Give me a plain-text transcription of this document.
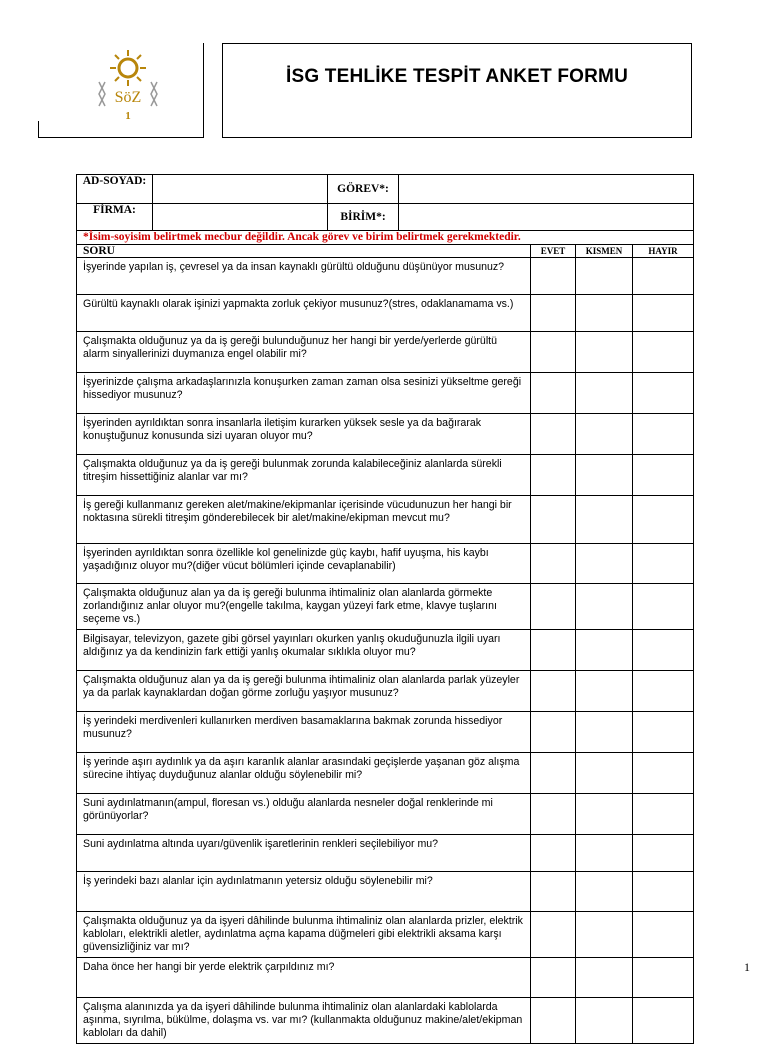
SöZ
1
İSG TEHLİKE TESPİT ANKET FORMU
AD-SOYAD:		GÖREV*:				
FİRMA:		BİRİM*:				
*İsim-soyisim belirtmek mecbur değildir. Ancak görev ve birim belirtmek gerekmektedir.						
SORU				EVET	KISMEN	HAYIR
İşyerinde yapılan iş, çevresel ya da insan kaynaklı gürültü olduğunu düşünüyor musunuz?						
Gürültü kaynaklı olarak işinizi yapmakta zorluk çekiyor musunuz?(stres, odaklanamama vs.)						
Çalışmakta olduğunuz ya da iş gereği bulunduğunuz her hangi bir yerde/yerlerde gürültü alarm sinyallerinizi duymanıza engel olabilir mi?						
İşyerinizde çalışma arkadaşlarınızla konuşurken zaman zaman olsa sesinizi yükseltme gereği hissediyor musunuz?						
İşyerinden ayrıldıktan sonra insanlarla iletişim kurarken yüksek sesle ya da bağırarak konuştuğunuz konusunda sizi uyaran oluyor mu?						
Çalışmakta olduğunuz ya da iş gereği bulunmak zorunda kalabileceğiniz alanlarda sürekli titreşim hissettiğiniz alanlar var mı?						
İş gereği kullanmanız gereken alet/makine/ekipmanlar içerisinde vücudunuzun her hangi bir noktasına sürekli titreşim gönderebilecek bir alet/makine/ekipman mevcut mu?						
İşyerinden ayrıldıktan sonra özellikle kol genelinizde güç kaybı, hafif uyuşma, his kaybı yaşadığınız oluyor mu?(diğer vücut bölümleri içinde cevaplanabilir)						
Çalışmakta olduğunuz alan ya da iş gereği bulunma ihtimaliniz olan alanlarda görmekte zorlandığınız anlar oluyor mu?(engelle takılma, kaygan yüzeyi fark etme, klavye tuşlarını seçeme vs.)						
Bilgisayar, televizyon, gazete gibi görsel yayınları okurken yanlış okuduğunuzla ilgili uyarı aldığınız ya da kendinizin fark ettiği yanlış okumalar sıklıkla oluyor mu?						
Çalışmakta olduğunuz alan ya da iş gereği bulunma ihtimaliniz olan alanlarda parlak yüzeyler ya da parlak kaynaklardan doğan görme zorluğu yaşıyor musunuz?						
İş yerindeki merdivenleri kullanırken merdiven basamaklarına bakmak zorunda hissediyor musunuz?						
İş yerinde aşırı aydınlık ya da aşırı karanlık alanlar arasındaki geçişlerde yaşanan göz alışma sürecine ihtiyaç duyduğunuz alanlar olduğu söylenebilir mi?						
Suni aydınlatmanın(ampul, floresan vs.) olduğu alanlarda nesneler doğal renklerinde mi görünüyorlar?						
Suni aydınlatma altında uyarı/güvenlik işaretlerinin renkleri seçilebiliyor mu?						
İş yerindeki bazı alanlar için aydınlatmanın yetersiz olduğu söylenebilir mi?						
Çalışmakta olduğunuz ya da işyeri dâhilinde bulunma ihtimaliniz olan alanlarda prizler, elektrik kabloları, elektrikli aletler, aydınlatma açma kapama düğmeleri gibi elektrikli aksama karşı güvensizliğiniz var mı?						
Daha önce her hangi bir yerde elektrik çarpıldınız mı?						
Çalışma alanınızda ya da işyeri dâhilinde bulunma ihtimaliniz olan alanlardaki kablolarda aşınma, sıyrılma, bükülme, dolaşma vs. var mı? (kullanmakta olduğunuz makine/alet/ekipman kabloları da dahil)						
1
